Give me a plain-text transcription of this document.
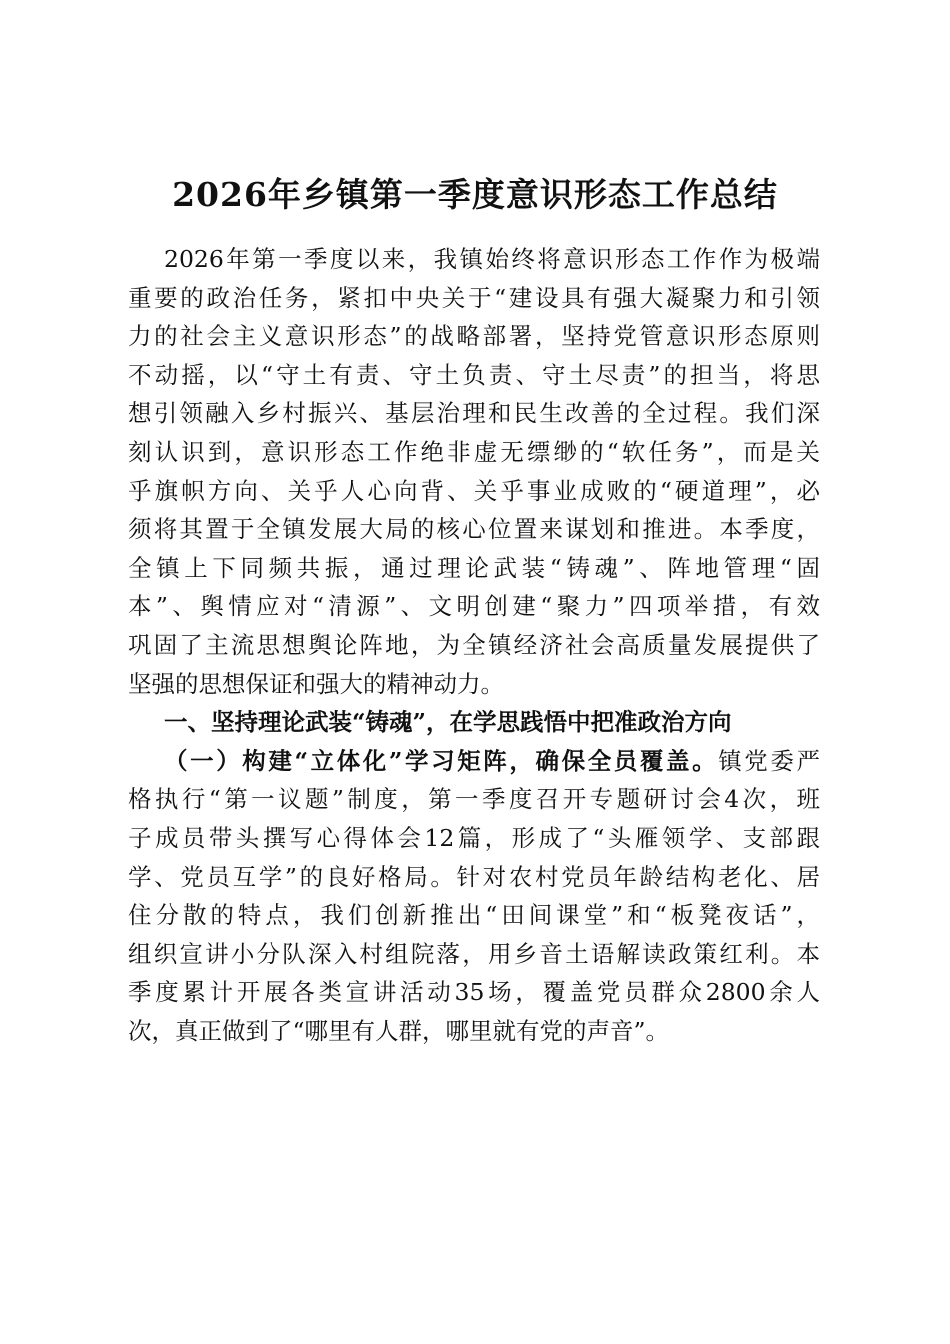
2026年乡镇第一季度意识形态工作总结
2026年第一季度以来，我镇始终将意识形态工作作为极端
重要的政治任务，紧扣中央关于“建设具有强大凝聚力和引领
力的社会主义意识形态”的战略部署，坚持党管意识形态原则
不动摇，以“守土有责、守土负责、守土尽责”的担当，将思
想引领融入乡村振兴、基层治理和民生改善的全过程。我们深
刻认识到，意识形态工作绝非虚无缥缈的“软任务”，而是关
乎旗帜方向、关乎人心向背、关乎事业成败的“硬道理”，必
须将其置于全镇发展大局的核心位置来谋划和推进。本季度，
全镇上下同频共振，通过理论武装“铸魂”、阵地管理“固
本”、舆情应对“清源”、文明创建“聚力”四项举措，有效
巩固了主流思想舆论阵地，为全镇经济社会高质量发展提供了
坚强的思想保证和强大的精神动力。
一、坚持理论武装“铸魂”，在学思践悟中把准政治方向
（一）构建“立体化”学习矩阵，确保全员覆盖。镇党委严
格执行“第一议题”制度，第一季度召开专题研讨会4次，班
子成员带头撰写心得体会12篇，形成了“头雁领学、支部跟
学、党员互学”的良好格局。针对农村党员年龄结构老化、居
住分散的特点，我们创新推出“田间课堂”和“板凳夜话”，
组织宣讲小分队深入村组院落，用乡音土语解读政策红利。本
季度累计开展各类宣讲活动35场，覆盖党员群众2800余人
次，真正做到了“哪里有人群，哪里就有党的声音”。
